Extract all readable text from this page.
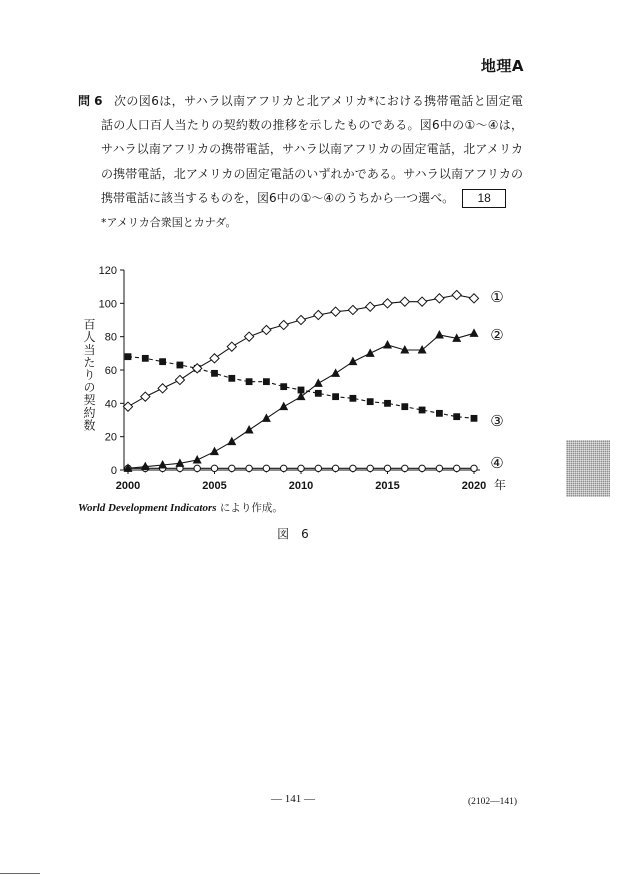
地理A
問 6 次の図6は，サハラ以南アフリカと北アメリカ*における携帯電話と固定電
話の人口百人当たりの契約数の推移を示したものである。図6中の①～④は，
サハラ以南アフリカの携帯電話，サハラ以南アフリカの固定電話，北アメリカ
の携帯電話，北アメリカの固定電話のいずれかである。サハラ以南アフリカの
携帯電話に該当するものを，図6中の①～④のうちから一つ選べ。 18
*アメリカ合衆国とカナダ。
百人当たりの契約数
0
20
40
60
80
100
120
2000	2005	2010	2015	2020 年
①
②
③
④
World Development Indicators により作成。
図　6
— 141 —	(2102—141)
